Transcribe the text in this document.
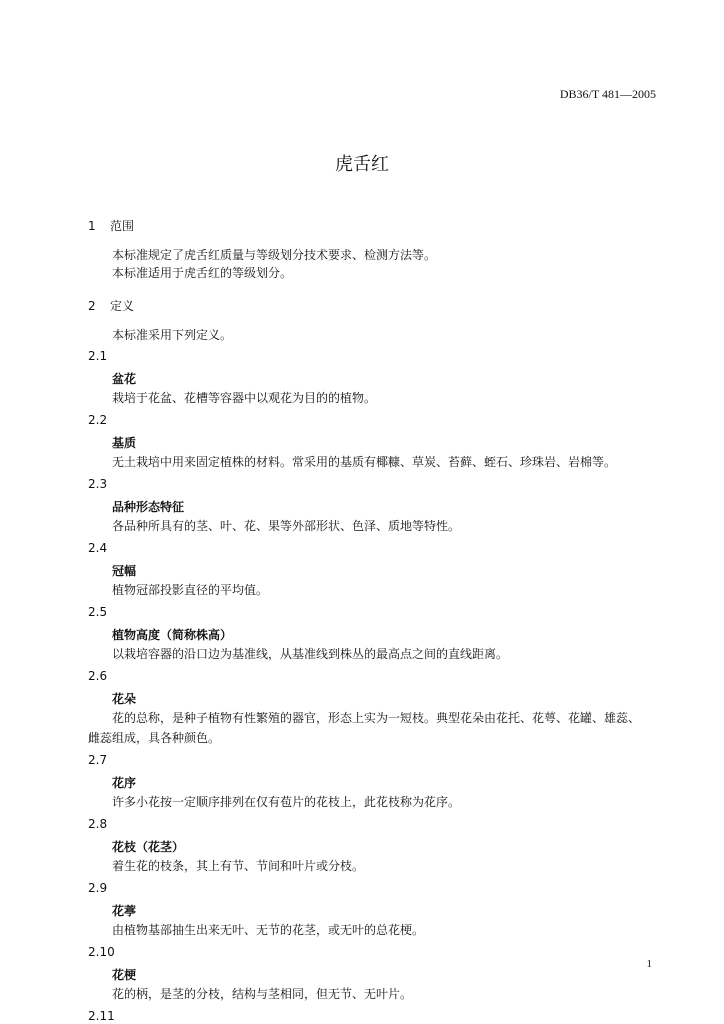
DB36/T 481—2005
虎舌红
1	范围
本标准规定了虎舌红质量与等级划分技术要求、检测方法等。
本标准适用于虎舌红的等级划分。
2	定义
本标准采用下列定义。
2.1
盆花
栽培于花盆、花槽等容器中以观花为目的的植物。
2.2
基质
无土栽培中用来固定植株的材料。常采用的基质有椰糠、草炭、苔藓、蛭石、珍珠岩、岩棉等。
2.3
品种形态特征
各品种所具有的茎、叶、花、果等外部形状、色泽、质地等特性。
2.4
冠幅
植物冠部投影直径的平均值。
2.5
植物高度（简称株高）
以栽培容器的沿口边为基准线，从基准线到株丛的最高点之间的直线距离。
2.6
花朵
花的总称，是种子植物有性繁殖的器官，形态上实为一短枝。典型花朵由花托、花萼、花罐、雄蕊、
雌蕊组成，具各种颜色。
2.7
花序
许多小花按一定顺序排列在仅有苞片的花枝上，此花枝称为花序。
2.8
花枝（花茎）
着生花的枝条，其上有节、节间和叶片或分枝。
2.9
花葶
由植物基部抽生出来无叶、无节的花茎，或无叶的总花梗。
2.10
花梗
花的柄，是茎的分枝，结构与茎相同，但无节、无叶片。
2.11
1
